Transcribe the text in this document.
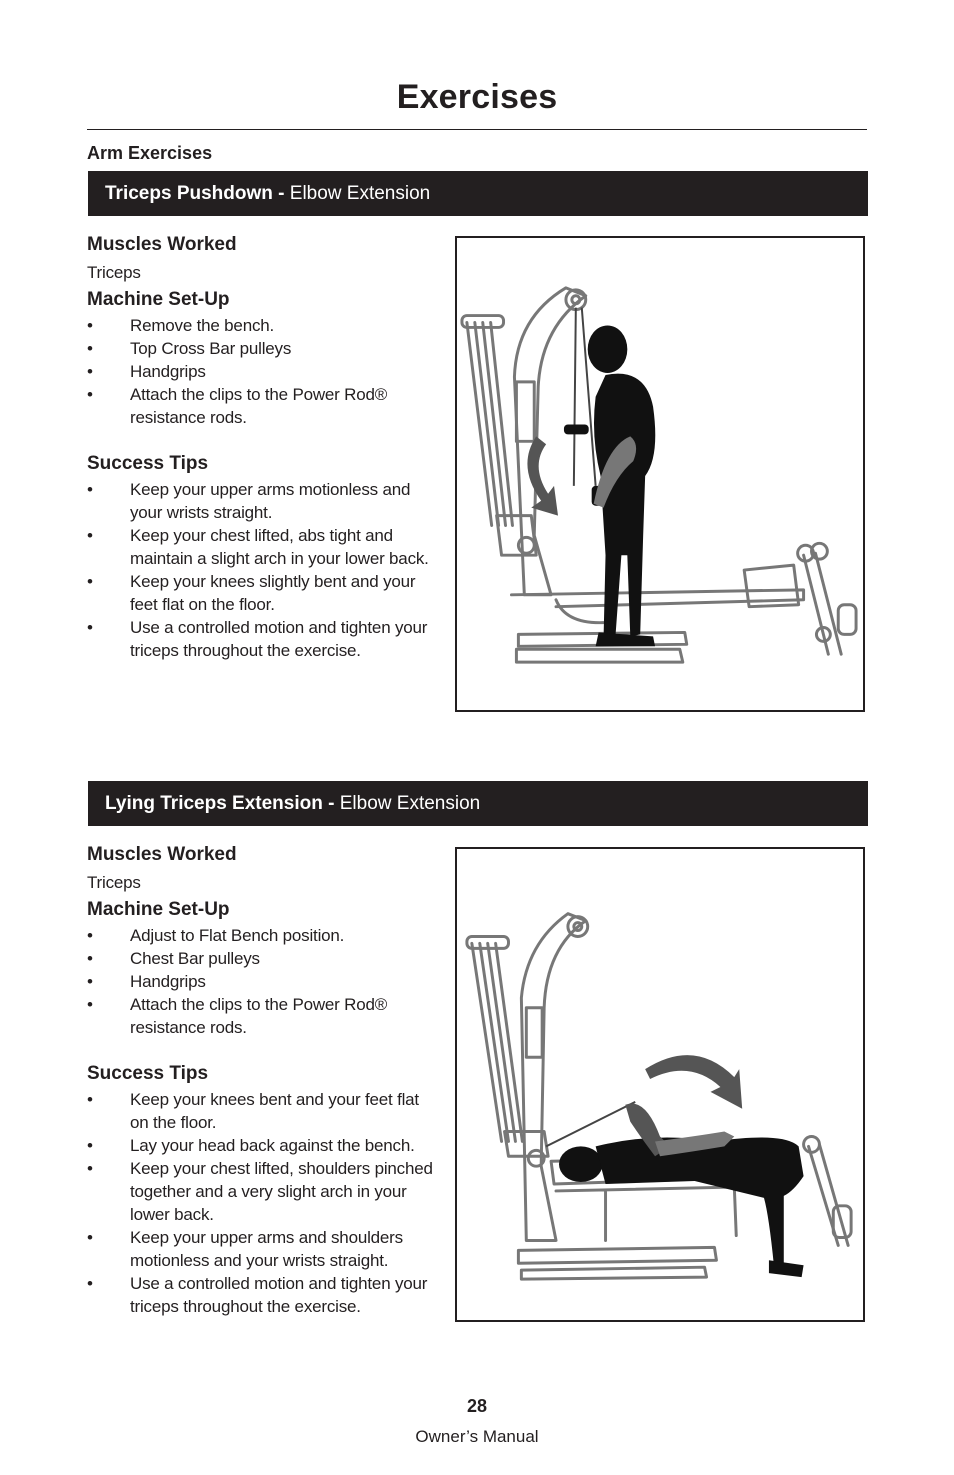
Exercises
Arm Exercises
Triceps Pushdown - Elbow Extension

Muscles Worked

Triceps

Machine Set-Up

• Remove the bench.
• Top Cross Bar pulleys
• Handgrips
• Attach the clips to the Power Rod® resistance rods.

Success Tips

• Keep your upper arms motionless and your wrists straight.
• Keep your chest lifted, abs tight and maintain a slight arch in your lower back.
• Keep your knees slightly bent and your feet flat on the floor.
• Use a controlled motion and tighten your triceps throughout the exercise.
Lying Triceps Extension - Elbow Extension

Muscles Worked

Triceps

Machine Set-Up

• Adjust to Flat Bench position.
• Chest Bar pulleys
• Handgrips
• Attach the clips to the Power Rod® resistance rods.

Success Tips

• Keep your knees bent and your feet flat on the floor.
• Lay your head back against the bench.
• Keep your chest lifted, shoulders pinched together and a very slight arch in your lower back.
• Keep your upper arms and shoulders motionless and your wrists straight.
• Use a controlled motion and tighten your triceps throughout the exercise.
28
Owner’s Manual
